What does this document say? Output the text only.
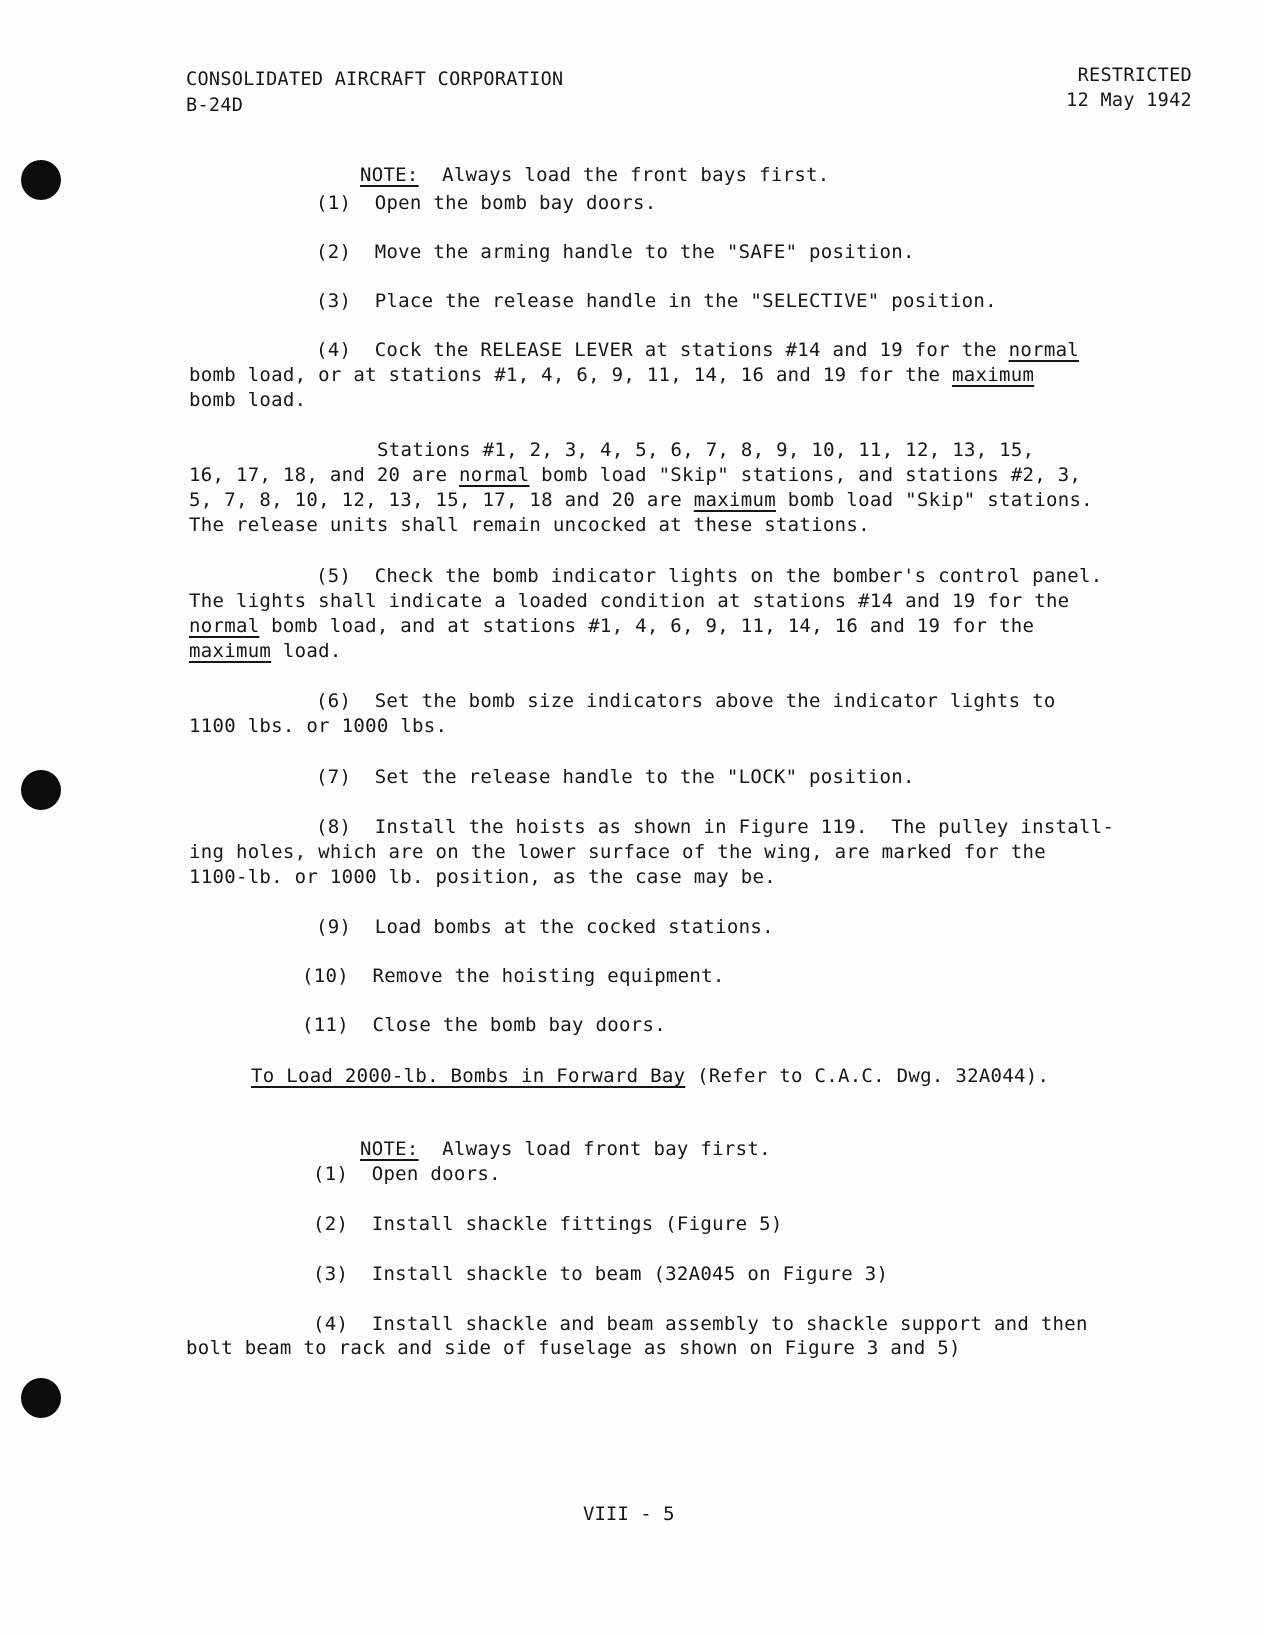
CONSOLIDATED AIRCRAFT CORPORATION
B-24D
RESTRICTED
12 May 1942

NOTE: Always load the front bays first.

(1) Open the bomb bay doors.
(2) Move the arming handle to the "SAFE" position.
(3) Place the release handle in the "SELECTIVE" position.
(4)  Cock the RELEASE LEVER at stations #14 and 19 for the normal
bomb load, or at stations #1, 4, 6, 9, 11, 14, 16 and 19 for the maximum
bomb load.
Stations #1, 2, 3, 4, 5, 6, 7, 8, 9, 10, 11, 12, 13, 15,
16, 17, 18, and 20 are normal bomb load "Skip" stations, and stations #2, 3,
5, 7, 8, 10, 12, 13, 15, 17, 18 and 20 are maximum bomb load "Skip" stations.
The release units shall remain uncocked at these stations.
(5)  Check the bomb indicator lights on the bomber's control panel.
The lights shall indicate a loaded condition at stations #14 and 19 for the
normal bomb load, and at stations #1, 4, 6, 9, 11, 14, 16 and 19 for the
maximum load.
(6)  Set the bomb size indicators above the indicator lights to
1100 lbs. or 1000 lbs.
(7) Set the release handle to the "LOCK" position.
(8)  Install the hoists as shown in Figure 119.  The pulley install-
ing holes, which are on the lower surface of the wing, are marked for the
1100-lb. or 1000 lb. position, as the case may be.
(9) Load bombs at the cocked stations.
(10) Remove the hoisting equipment.
(11) Close the bomb bay doors.
To Load 2000-lb. Bombs in Forward Bay (Refer to C.A.C. Dwg. 32A044).

NOTE: Always load front bay first.

(1) Open doors.
(2) Install shackle fittings (Figure 5)
(3) Install shackle to beam (32A045 on Figure 3)
(4)  Install shackle and beam assembly to shackle support and then
bolt beam to rack and side of fuselage as shown on Figure 3 and 5)
VIII - 5
